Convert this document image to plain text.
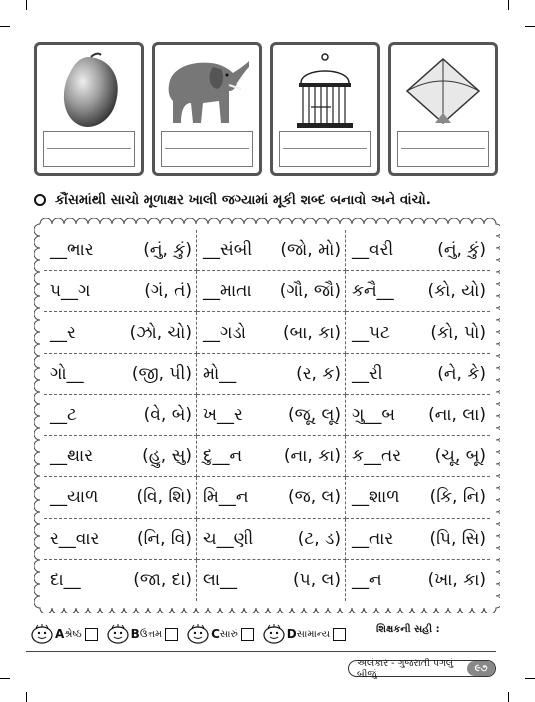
કૌંસમાંથી સાચો મૂળાક્ષર ખાલી જગ્યામાં મૂકી શબ્દ બનાવો અને વાંચો.
__ભાર	(નું, કું) __સંબી (જો, મો) __વરી	(નું, કું)
પ__ગ	(ગં, તં) __માતા (ગૌ, જૌ) કનૈ__ (કો, યો)
__ર	(ઝો, ચો) __ગડો (બા, કા) __પટ (કો, પો)
ગો__	(જી, પી) મો__	(ર, ક) __રી	(ને, કે)
__ટ	(વે, બે) ખ__ર	(જૂ, લૂ) ગુ__બ (ના, લા)
__થાર	(હુ, સુ) દુ__ન (ના, કા) ક__તર (ચૂ, બૂ)
__યાળ (વિ, શિ) મિ__ન (જ, લ) __શાળ (કિ, નિ)
ર__વાર (નિ, વિ) ચ__ણી	(ટ, ડ) __તાર (પિ, સિ)
દા__	(જા, દા) લા__	(પ, લ) __ન	(ખા, કા)
A શ્રેષ્ઠ	B ઉત્તમ	C સારું	D સામાન્ય	શિક્ષકની સહી :
અલંકાર - ગુજરાતી પગલું બીજું	૯૭
